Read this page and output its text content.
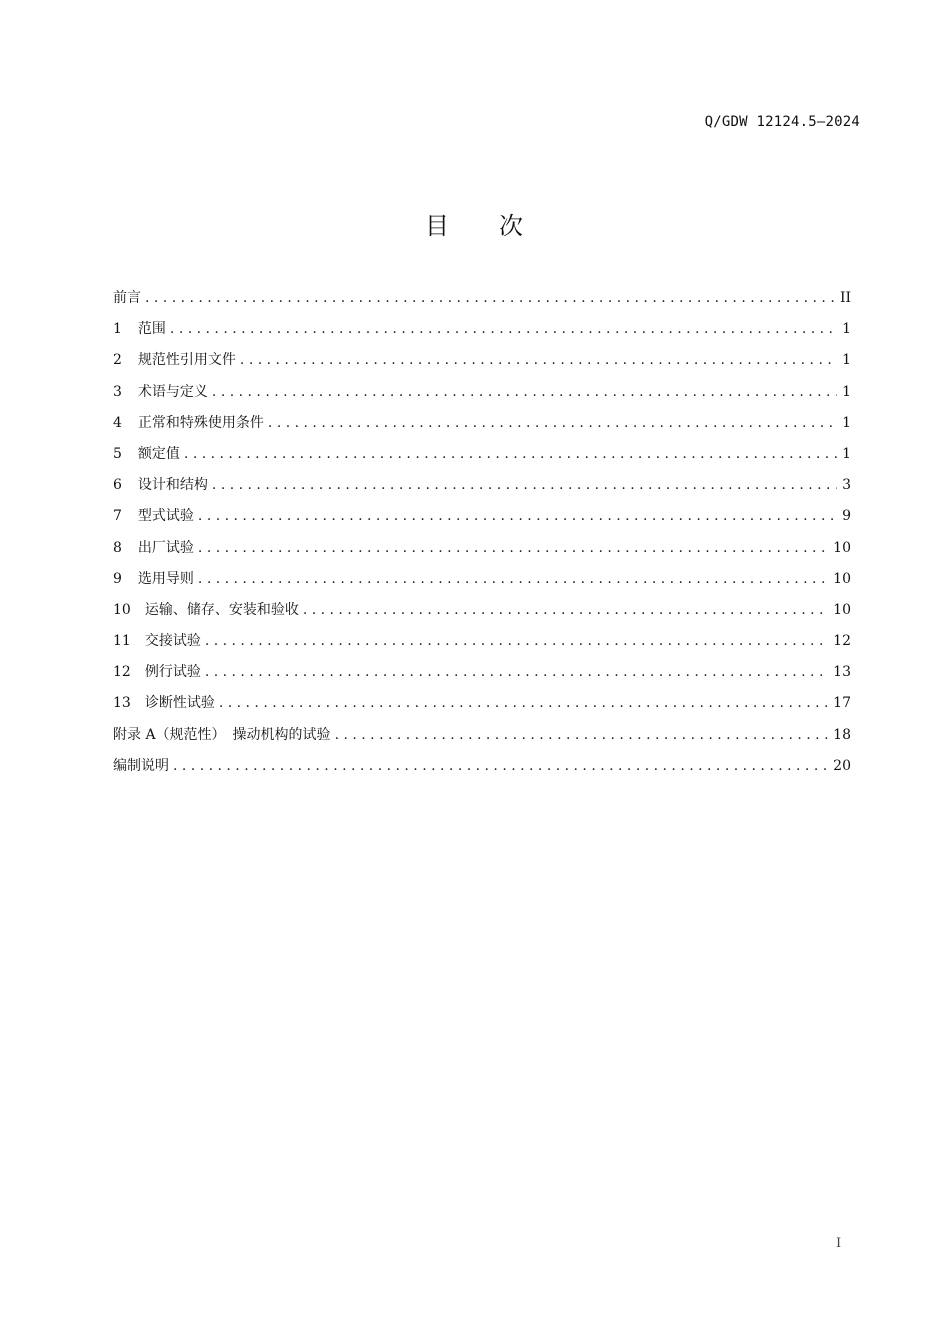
Q/GDW 12124.5—2024
目 次
前言 . . .	II
1 范围 . . .	1
2 规范性引用文件 . . .	1
3 术语与定义 . . .	1
4 正常和特殊使用条件 . . .	1
5 额定值 . . .	1
6 设计和结构 . . .	3
7 型式试验 . . .	9
8 出厂试验 . . .	10
9 选用导则 . . .	10
10 运输、储存、安装和验收 . . .	10
11 交接试验 . . .	12
12 例行试验 . . .	13
13 诊断性试验 . . .	17
附录 A（规范性）　操动机构的试验 . . .	18
编制说明 . . .	20
I
